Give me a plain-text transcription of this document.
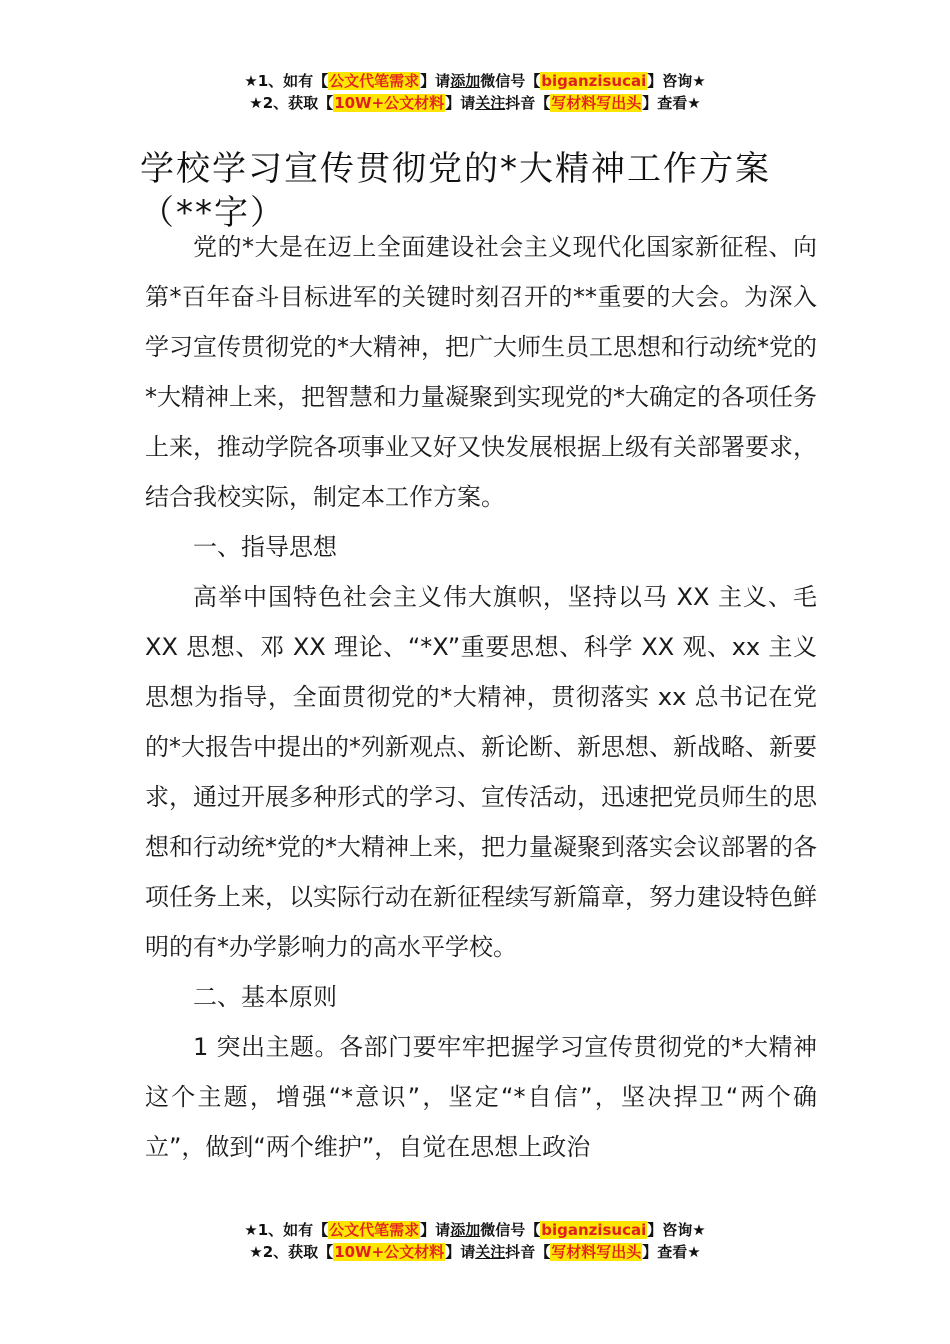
★1、如有【公文代笔需求】请添加微信号【biganzisucai】咨询★
★2、获取【10W+公文材料】请关注抖音【写材料写出头】查看★
学校学习宣传贯彻党的*大精神工作方案（**字）

党的*大是在迈上全面建设社会主义现代化国家新征程、向第*百年奋斗目标进军的关键时刻召开的**重要的大会。为深入学习宣传贯彻党的*大精神，把广大师生员工思想和行动统*党的*大精神上来，把智慧和力量凝聚到实现党的*大确定的各项任务上来，推动学院各项事业又好又快发展根据上级有关部署要求，结合我校实际，制定本工作方案。

一、指导思想

高举中国特色社会主义伟大旗帜，坚持以马 XX 主义、毛 XX 思想、邓 XX 理论、“*X”重要思想、科学 XX 观、xx 主义思想为指导，全面贯彻党的*大精神，贯彻落实 xx 总书记在党的*大报告中提出的*列新观点、新论断、新思想、新战略、新要求，通过开展多种形式的学习、宣传活动，迅速把党员师生的思想和行动统*党的*大精神上来，把力量凝聚到落实会议部署的各项任务上来，以实际行动在新征程续写新篇章，努力建设特色鲜明的有*办学影响力的高水平学校。

二、基本原则

1 突出主题。各部门要牢牢把握学习宣传贯彻党的*大精神这个主题，增强“*意识”，坚定“*自信”，坚决捍卫“两个确立”，做到“两个维护”，自觉在思想上政治

★1、如有【公文代笔需求】请添加微信号【biganzisucai】咨询★
★2、获取【10W+公文材料】请关注抖音【写材料写出头】查看★
